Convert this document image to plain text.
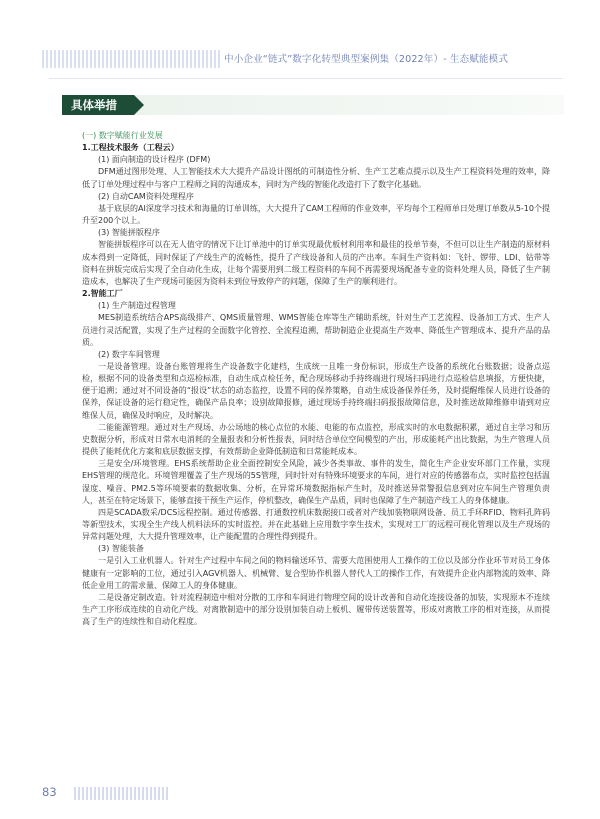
中小企业“链式”数字化转型典型案例集（2022年）- 生态赋能模式
具体举措

(一) 数字赋能行业发展

1.工程技术服务（工程云）

(1) 面向制造的设计程序 (DFM)

DFM通过图形处理、人工智能技术大大提升产品设计图纸的可制造性分析、生产工艺难点提示以及生产工程资料处理的效率，降低了订单处理过程中与客户工程师之间的沟通成本，同时为产线的智能化改造打下了数字化基础。

(2) 自动CAM资料处理程序

基于底层的AI深度学习技术和海量的订单训练，大大提升了CAM工程师的作业效率，平均每个工程师单日处理订单数从5-10个提升至200个以上。

(3) 智能拼版程序

智能拼版程序可以在无人值守的情况下让订单池中的订单实现最优板材利用率和最佳的投单节奏，不但可以让生产制造的原材料成本得到一定降低，同时保证了产线生产的流畅性，提升了产线设备和人员的产出率。车间生产资料如：飞针、锣带、LDI、钻带等资料在拼版完成后实现了全自动化生成，让每个需要用到二级工程资料的车间不再需要现场配备专业的资料处理人员，降低了生产制造成本，也解决了生产现场可能因为资料未到位导致停产的问题，保障了生产的顺利进行。

2.智能工厂

(1) 生产制造过程管理

MES制造系统结合APS高级排产、QMS质量管理、WMS智能仓库等生产辅助系统，针对生产工艺流程、设备加工方式、生产人员进行灵活配置，实现了生产过程的全面数字化管控、全流程追溯，帮助制造企业提高生产效率、降低生产管理成本、提升产品的品质。

(2) 数字车间管理

一是设备管理。设备台账管理将生产设备数字化建档，生成统一且唯一身份标识，形成生产设备的系统化台账数据；设备点巡检，根据不同的设备类型和点巡检标准，自动生成点检任务，配合现场移动手持终端进行现场扫码进行点巡检信息填报，方便快捷，便于追溯；通过对不同设备的“报设”状态的动态监控，设置不同的保养策略，自动生成设备保养任务，及时提醒维保人员进行设备的保养，保证设备的运行稳定性，确保产品良率；设别故障报修，通过现场手持终端扫码报报故障信息，及时推送故障维修申请到对应维保人员，确保及时响应，及时解决。

二能能源管理。通过对生产现场、办公场地的核心点位的水能、电能的布点监控，形成实时的水电数据积累，通过自主学习和历史数据分析，形成对日常水电消耗的全量报表和分析性报表，同时结合单位空间模型的产出，形成能耗产出比数据，为生产管理人员提供了能耗优化方案和底层数据支撑，有效帮助企业降低制造和日常能耗成本。

三是安全/环境管理。EHS系统帮助企业全面控制安全风险，减少各类事故、事件的发生，简化生产企业安环部门工作量，实现EHS管理的规范化。环境管理覆盖了生产现场的5S管理，同时针对有特殊环境要求的车间，进行对应的传感器布点，实时监控包括温湿度、噪音、PM2.5等环境要素的数据收集、分析，在异常环境数据指标产生时，及时推送异常警报信息到对应车间生产管理负责人，甚至在特定场景下，能够直接干预生产运作，停机整改，确保生产品质，同时也保障了生产制造产线工人的身体健康。

四是SCADA数采/DCS远程控制。通过传感器、打通数控机床数据接口或者对产线加装物联网设备、员工手环RFID、物料孔阵码等新型技术，实现全生产线人机料法环的实时监控。并在此基础上应用数字孪生技术，实现对工厂的远程可视化管理以及生产现场的异常问题处理，大大提升管理效率，让产能配置的合理性得到提升。

(3) 智能装备

一是引入工业机器人。针对生产过程中车间之间的物料输送环节、需要大范围使用人工操作的工位以及部分作业环节对员工身体健康有一定影响的工位，通过引入AGV机器人、机械臂、复合型协作机器人替代人工的操作工作，有效提升企业内部物流的效率、降低企业用工的需求量、保障工人的身体健康。

二是设备定制改造。针对流程制造中相对分散的工序和车间进行物理空间的设计改善和自动化连接设备的加装，实现原本不连续生产工序形成连续的自动化产线。对离散制造中的部分设别加装自动上板机、履带传送装置等，形成对离散工序的相对连接，从而提高了生产的连续性和自动化程度。

83
